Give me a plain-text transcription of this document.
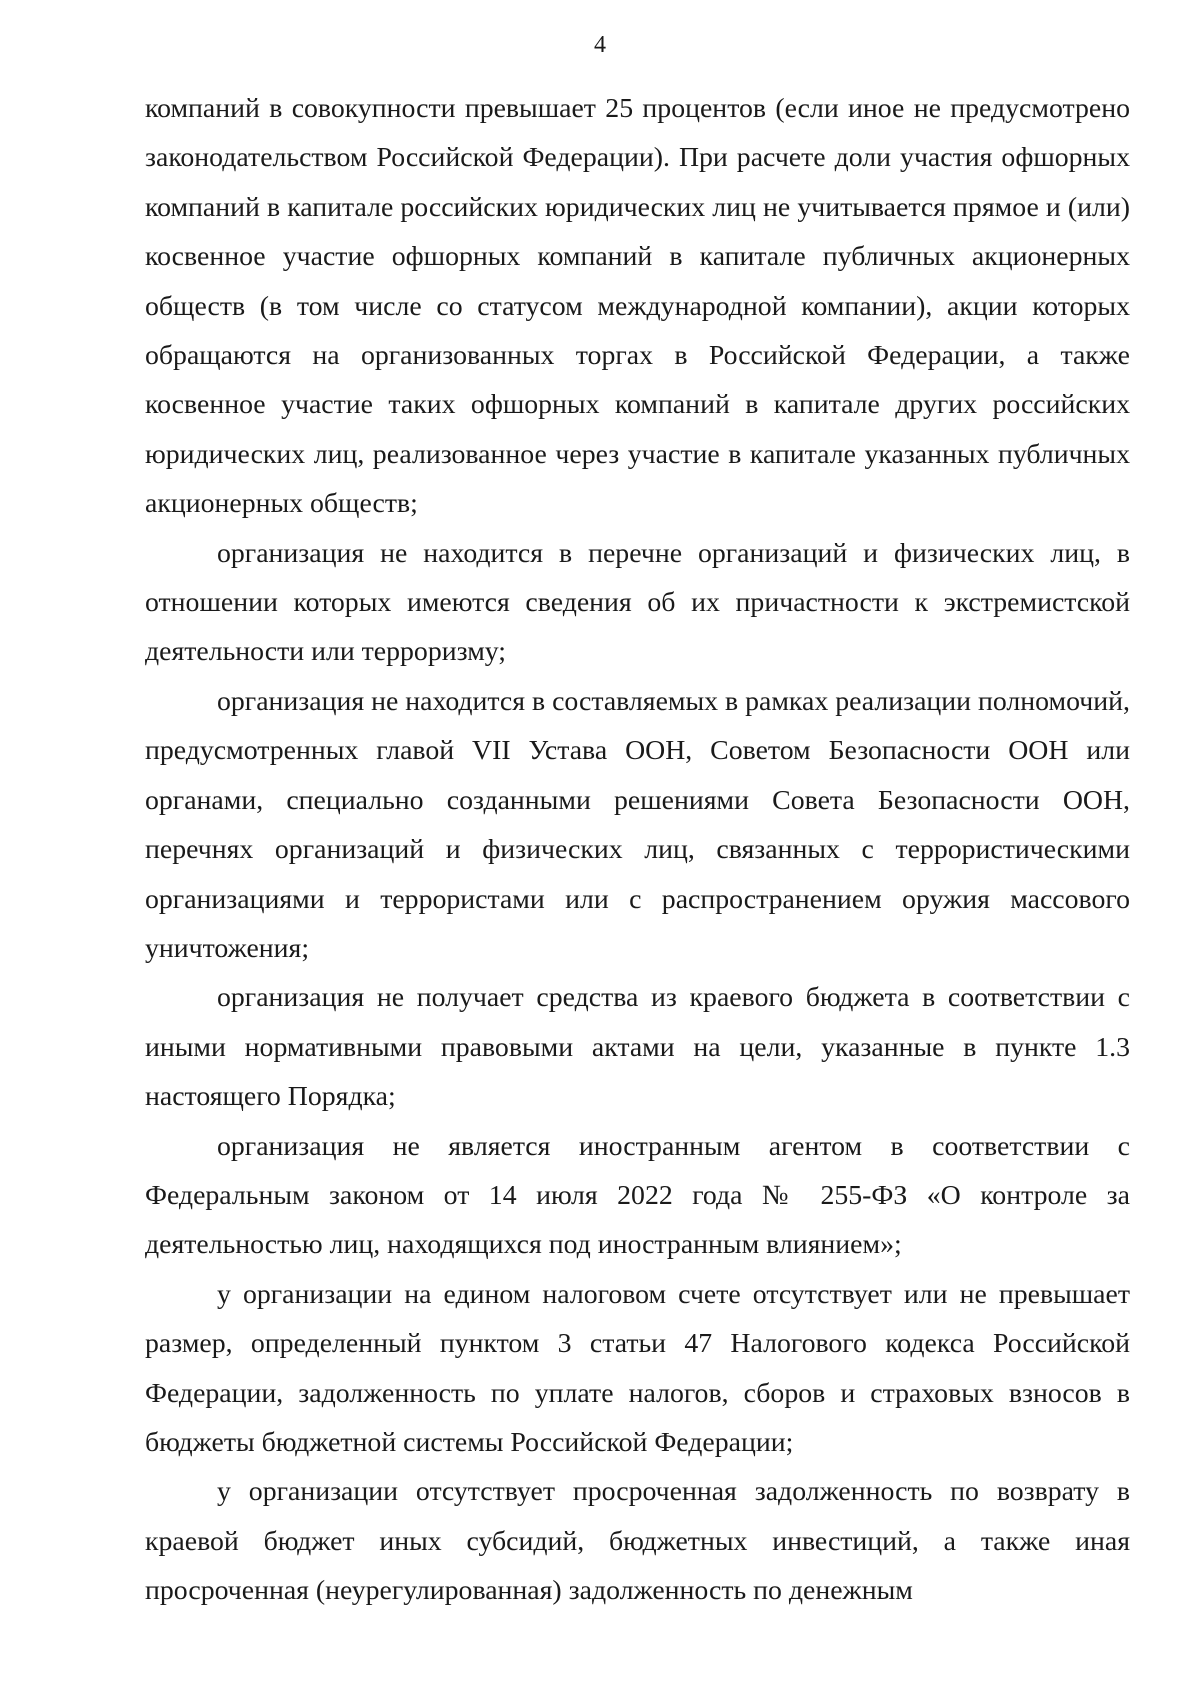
4

компаний в совокупности превышает 25 процентов (если иное не предусмотрено законодательством Российской Федерации). При расчете доли участия офшорных компаний в капитале российских юридических лиц не учитывается прямое и (или) косвенное участие офшорных компаний в капитале публичных акционерных обществ (в том числе со статусом международной компании), акции которых обращаются на организованных торгах в Российской Федерации, а также косвенное участие таких офшорных компаний в капитале других российских юридических лиц, реализованное через участие в капитале указанных публичных акционерных обществ;

организация не находится в перечне организаций и физических лиц, в отношении которых имеются сведения об их причастности к экстремистской деятельности или терроризму;

организация не находится в составляемых в рамках реализации полномочий, предусмотренных главой VII Устава ООН, Советом Безопасности ООН или органами, специально созданными решениями Совета Безопасности ООН, перечнях организаций и физических лиц, связанных с террористическими организациями и террористами или с распространением оружия массового уничтожения;

организация не получает средства из краевого бюджета в соответствии с иными нормативными правовыми актами на цели, указанные в пункте 1.3 настоящего Порядка;

организация не является иностранным агентом в соответствии с Федеральным законом от 14 июля 2022 года № 255-ФЗ «О контроле за деятельностью лиц, находящихся под иностранным влиянием»;

у организации на едином налоговом счете отсутствует или не превышает размер, определенный пунктом 3 статьи 47 Налогового кодекса Российской Федерации, задолженность по уплате налогов, сборов и страховых взносов в бюджеты бюджетной системы Российской Федерации;

у организации отсутствует просроченная задолженность по возврату в краевой бюджет иных субсидий, бюджетных инвестиций, а также иная просроченная (неурегулированная) задолженность по денежным
